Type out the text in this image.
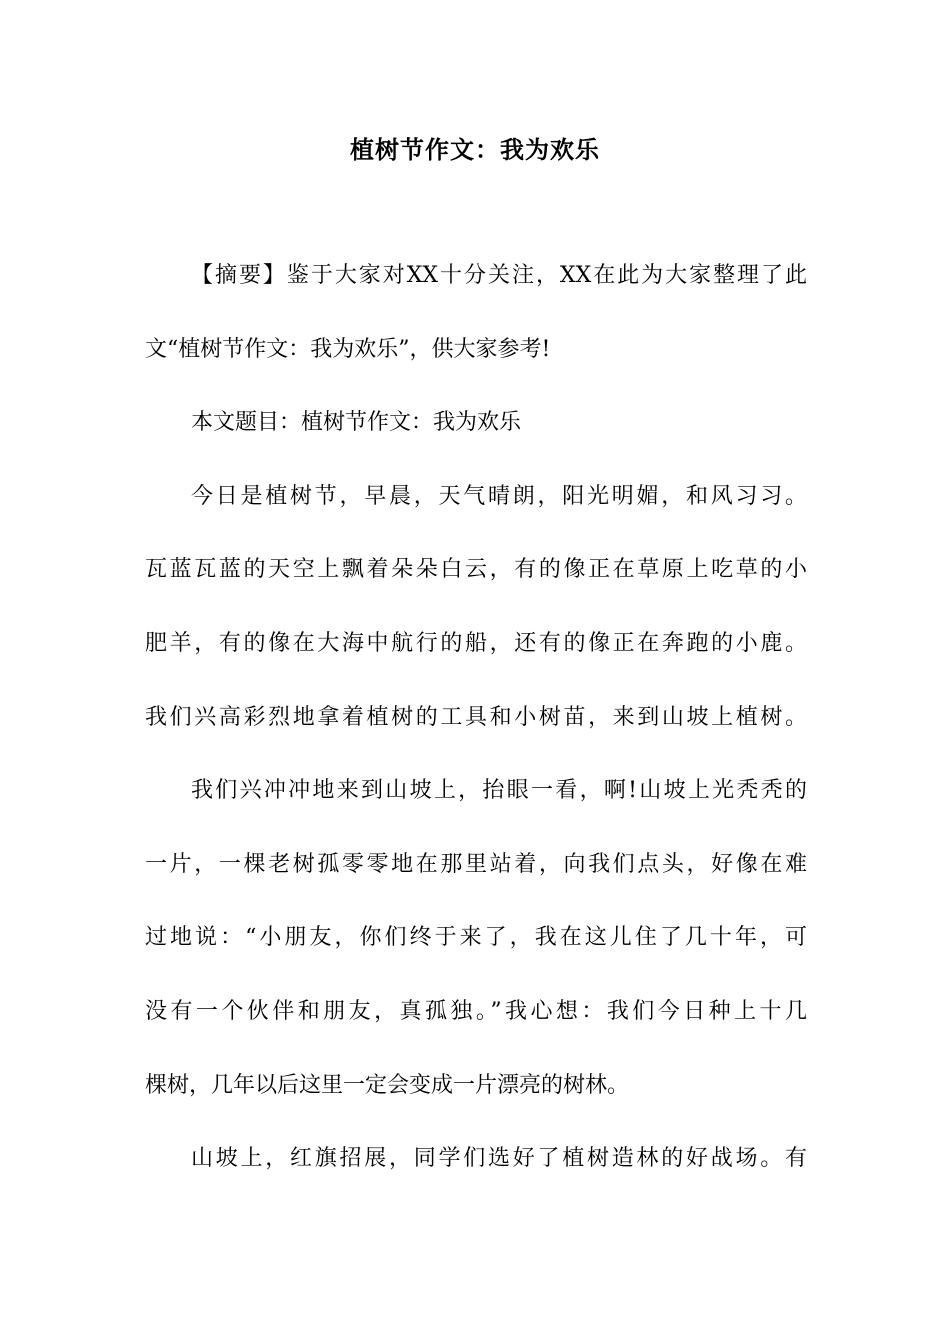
植树节作文：我为欢乐
【摘要】鉴于大家对XX十分关注，XX在此为大家整理了此
文“植树节作文：我为欢乐”，供大家参考!
本文题目：植树节作文：我为欢乐
今日是植树节，早晨，天气晴朗，阳光明媚，和风习习。
瓦蓝瓦蓝的天空上飘着朵朵白云，有的像正在草原上吃草的小
肥羊，有的像在大海中航行的船，还有的像正在奔跑的小鹿。
我们兴高彩烈地拿着植树的工具和小树苗，来到山坡上植树。
我们兴冲冲地来到山坡上，抬眼一看，啊!山坡上光秃秃的
一片，一棵老树孤零零地在那里站着，向我们点头，好像在难
过地说：“小朋友，你们终于来了，我在这儿住了几十年，可
没有一个伙伴和朋友，真孤独。”我心想：我们今日种上十几
棵树，几年以后这里一定会变成一片漂亮的树林。
山坡上，红旗招展，同学们选好了植树造林的好战场。有
